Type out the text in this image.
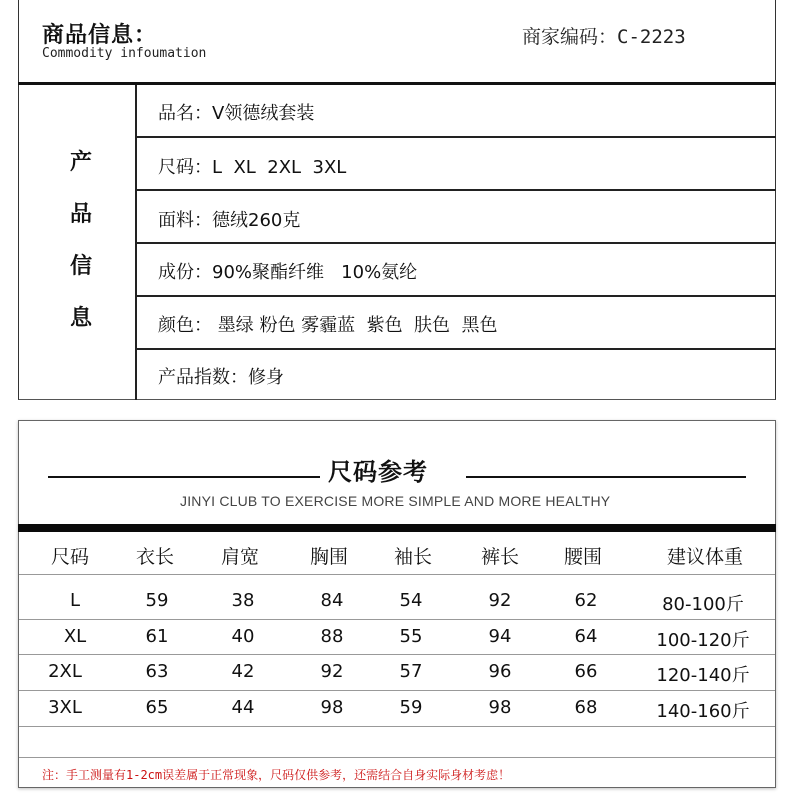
商品信息：
Commodity infoumation
商家编码：C-2223
产
品
信
息
品名：V领德绒套装
尺码：L  XL  2XL  3XL
面料：德绒260克
成份：90%聚酯纤维   10%氨纶
颜色： 墨绿 粉色 雾霾蓝  紫色  肤色  黑色
产品指数：修身
尺码参考
JINYI CLUB TO EXERCISE MORE SIMPLE AND MORE HEALTHY
尺码	衣长	肩宽	胸围	袖长	裤长	腰围	建议体重
L	59	38	84	54	92	62	80-100斤
XL	61	40	88	55	94	64	100-120斤
2XL	63	42	92	57	96	66	120-140斤
3XL	65	44	98	59	98	68	140-160斤
注：手工测量有1-2cm误差属于正常现象，尺码仅供参考，还需结合自身实际身材考虑！
